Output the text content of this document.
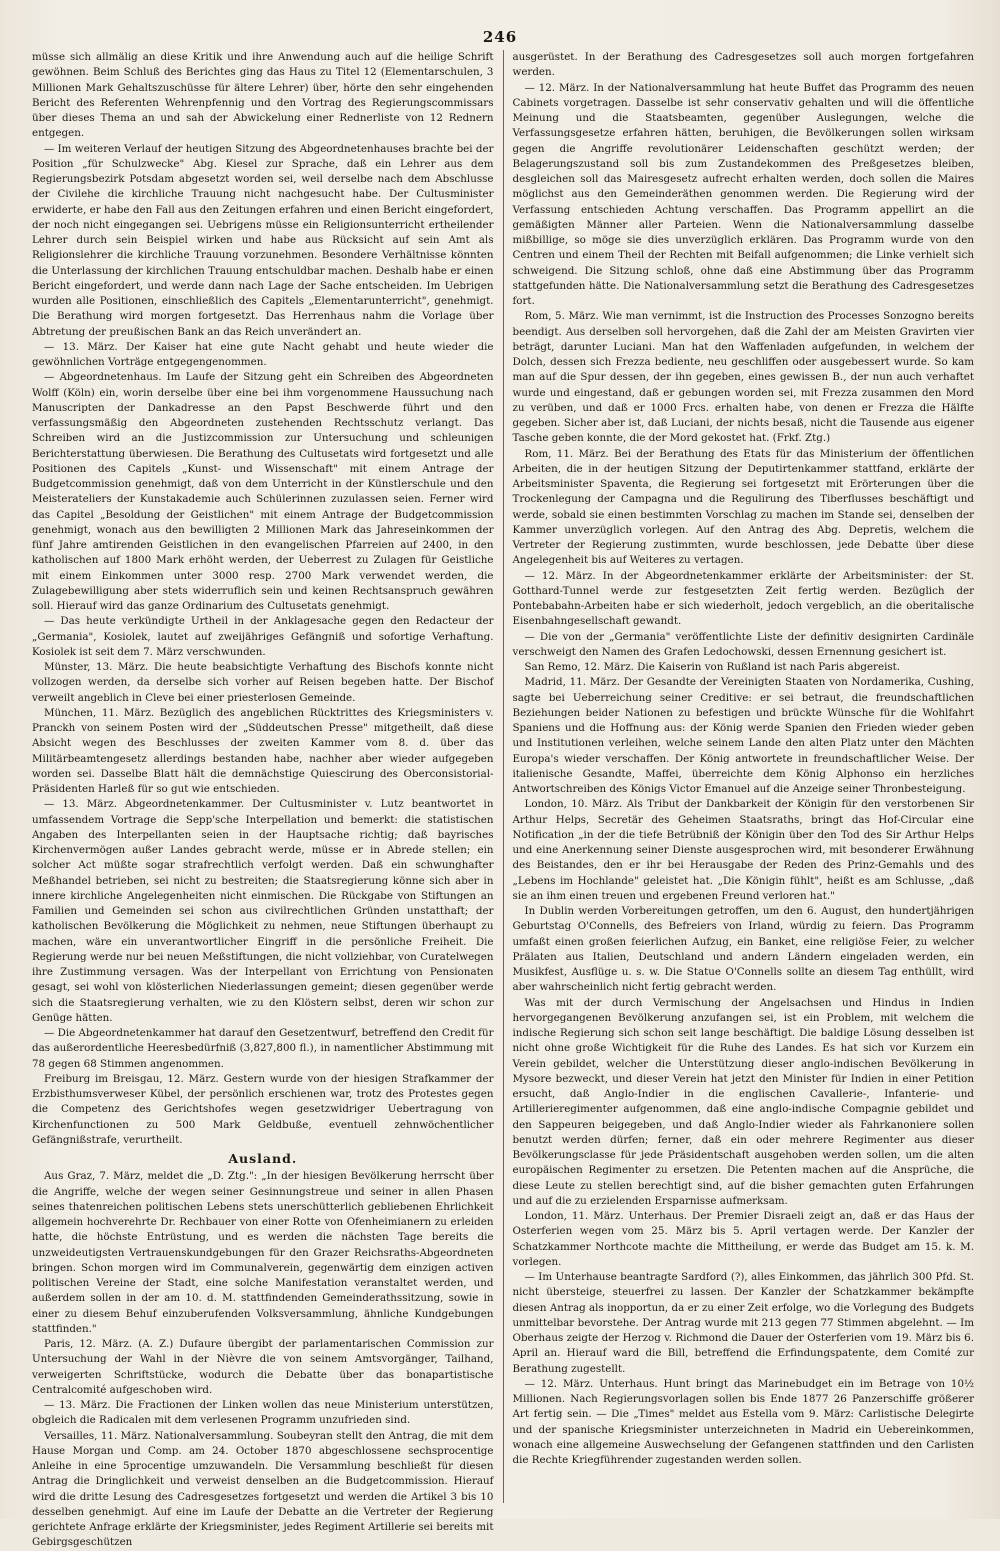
246

müsse sich allmälig an diese Kritik und ihre Anwendung auch auf die heilige Schrift gewöhnen. Beim Schluß des Berichtes ging das Haus zu Titel 12 (Elementarschulen, 3 Millionen Mark Gehaltszuschüsse für ältere Lehrer) über, hörte den sehr eingehenden Bericht des Referenten Wehrenpfennig und den Vortrag des Regierungscommissars über dieses Thema an und sah der Abwickelung einer Rednerliste von 12 Rednern entgegen.

— Im weiteren Verlauf der heutigen Sitzung des Abgeordnetenhauses brachte bei der Position „für Schulzwecke" Abg. Kiesel zur Sprache, daß ein Lehrer aus dem Regierungsbezirk Potsdam abgesetzt worden sei, weil derselbe nach dem Abschlusse der Civilehe die kirchliche Trauung nicht nachgesucht habe. Der Cultusminister erwiderte, er habe den Fall aus den Zeitungen erfahren und einen Bericht eingefordert, der noch nicht eingegangen sei. Uebrigens müsse ein Religionsunterricht ertheilender Lehrer durch sein Beispiel wirken und habe aus Rücksicht auf sein Amt als Religionslehrer die kirchliche Trauung vorzunehmen. Besondere Verhältnisse könnten die Unterlassung der kirchlichen Trauung entschuldbar machen. Deshalb habe er einen Bericht eingefordert, und werde dann nach Lage der Sache entscheiden. Im Uebrigen wurden alle Positionen, einschließlich des Capitels „Elementarunterricht", genehmigt. Die Berathung wird morgen fortgesetzt. Das Herrenhaus nahm die Vorlage über Abtretung der preußischen Bank an das Reich unverändert an.

— 13. März. Der Kaiser hat eine gute Nacht gehabt und heute wieder die gewöhnlichen Vorträge entgegengenommen.

— Abgeordnetenhaus. Im Laufe der Sitzung geht ein Schreiben des Abgeordneten Wolff (Köln) ein, worin derselbe über eine bei ihm vorgenommene Haussuchung nach Manuscripten der Dankadresse an den Papst Beschwerde führt und den verfassungsmäßig den Abgeordneten zustehenden Rechtsschutz verlangt. Das Schreiben wird an die Justizcommission zur Untersuchung und schleunigen Berichterstattung überwiesen. Die Berathung des Cultusetats wird fortgesetzt und alle Positionen des Capitels „Kunst- und Wissenschaft" mit einem Antrage der Budgetcommission genehmigt, daß von dem Unterricht in der Künstlerschule und den Meisterateliers der Kunstakademie auch Schülerinnen zuzulassen seien. Ferner wird das Capitel „Besoldung der Geistlichen" mit einem Antrage der Budgetcommission genehmigt, wonach aus den bewilligten 2 Millionen Mark das Jahreseinkommen der fünf Jahre amtirenden Geistlichen in den evangelischen Pfarreien auf 2400, in den katholischen auf 1800 Mark erhöht werden, der Ueberrest zu Zulagen für Geistliche mit einem Einkommen unter 3000 resp. 2700 Mark verwendet werden, die Zulagebewilligung aber stets widerruflich sein und keinen Rechtsanspruch gewähren soll. Hierauf wird das ganze Ordinarium des Cultusetats genehmigt.

— Das heute verkündigte Urtheil in der Anklagesache gegen den Redacteur der „Germania", Kosiolek, lautet auf zweijähriges Gefängniß und sofortige Verhaftung. Kosiolek ist seit dem 7. März verschwunden.

Münster, 13. März. Die heute beabsichtigte Verhaftung des Bischofs konnte nicht vollzogen werden, da derselbe sich vorher auf Reisen begeben hatte. Der Bischof verweilt angeblich in Cleve bei einer priesterlosen Gemeinde.

München, 11. März. Bezüglich des angeblichen Rücktrittes des Kriegsministers v. Pranckh von seinem Posten wird der „Süddeutschen Presse" mitgetheilt, daß diese Absicht wegen des Beschlusses der zweiten Kammer vom 8. d. über das Militärbeamtengesetz allerdings bestanden habe, nachher aber wieder aufgegeben worden sei. Dasselbe Blatt hält die demnächstige Quiescirung des Oberconsistorial-Präsidenten Harleß für so gut wie entschieden.

— 13. März. Abgeordnetenkammer. Der Cultusminister v. Lutz beantwortet in umfassendem Vortrage die Sepp'sche Interpellation und bemerkt: die statistischen Angaben des Interpellanten seien in der Hauptsache richtig; daß bayrisches Kirchenvermögen außer Landes gebracht werde, müsse er in Abrede stellen; ein solcher Act müßte sogar strafrechtlich verfolgt werden. Daß ein schwunghafter Meßhandel betrieben, sei nicht zu bestreiten; die Staatsregierung könne sich aber in innere kirchliche Angelegenheiten nicht einmischen. Die Rückgabe von Stiftungen an Familien und Gemeinden sei schon aus civilrechtlichen Gründen unstatthaft; der katholischen Bevölkerung die Möglichkeit zu nehmen, neue Stiftungen überhaupt zu machen, wäre ein unverantwortlicher Eingriff in die persönliche Freiheit. Die Regierung werde nur bei neuen Meßstiftungen, die nicht vollziehbar, von Curatelwegen ihre Zustimmung versagen. Was der Interpellant von Errichtung von Pensionaten gesagt, sei wohl von klösterlichen Niederlassungen gemeint; diesen gegenüber werde sich die Staatsregierung verhalten, wie zu den Klöstern selbst, deren wir schon zur Genüge hätten.

— Die Abgeordnetenkammer hat darauf den Gesetzentwurf, betreffend den Credit für das außerordentliche Heeresbedürfniß (3,827,800 fl.), in namentlicher Abstimmung mit 78 gegen 68 Stimmen angenommen.

Freiburg im Breisgau, 12. März. Gestern wurde von der hiesigen Strafkammer der Erzbisthumsverweser Kübel, der persönlich erschienen war, trotz des Protestes gegen die Competenz des Gerichtshofes wegen gesetzwidriger Uebertragung von Kirchenfunctionen zu 500 Mark Geldbuße, eventuell zehnwöchentlicher Gefängnißstrafe, verurtheilt.

Ausland.

Aus Graz, 7. März, meldet die „D. Ztg.": „In der hiesigen Bevölkerung herrscht über die Angriffe, welche der wegen seiner Gesinnungstreue und seiner in allen Phasen seines thatenreichen politischen Lebens stets unerschütterlich gebliebenen Ehrlichkeit allgemein hochverehrte Dr. Rechbauer von einer Rotte von Ofenheimianern zu erleiden hatte, die höchste Entrüstung, und es werden die nächsten Tage bereits die unzweideutigsten Vertrauenskundgebungen für den Grazer Reichsraths-Abgeordneten bringen. Schon morgen wird im Communalverein, gegenwärtig dem einzigen activen politischen Vereine der Stadt, eine solche Manifestation veranstaltet werden, und außerdem sollen in der am 10. d. M. stattfindenden Gemeinderathssitzung, sowie in einer zu diesem Behuf einzuberufenden Volksversammlung, ähnliche Kundgebungen stattfinden."

Paris, 12. März. (A. Z.) Dufaure übergibt der parlamentarischen Commission zur Untersuchung der Wahl in der Nièvre die von seinem Amtsvorgänger, Tailhand, verweigerten Schriftstücke, wodurch die Debatte über das bonapartistische Centralcomité aufgeschoben wird.

— 13. März. Die Fractionen der Linken wollen das neue Ministerium unterstützen, obgleich die Radicalen mit dem verlesenen Programm unzufrieden sind.

Versailles, 11. März. Nationalversammlung. Soubeyran stellt den Antrag, die mit dem Hause Morgan und Comp. am 24. October 1870 abgeschlossene sechsprocentige Anleihe in eine 5procentige umzuwandeln. Die Versammlung beschließt für diesen Antrag die Dringlichkeit und verweist denselben an die Budgetcommission. Hierauf wird die dritte Lesung des Cadresgesetzes fortgesetzt und werden die Artikel 3 bis 10 desselben genehmigt. Auf eine im Laufe der Debatte an die Vertreter der Regierung gerichtete Anfrage erklärte der Kriegsminister, jedes Regiment Artillerie sei bereits mit Gebirgsgeschützen

ausgerüstet. In der Berathung des Cadresgesetzes soll auch morgen fortgefahren werden.

— 12. März. In der Nationalversammlung hat heute Buffet das Programm des neuen Cabinets vorgetragen. Dasselbe ist sehr conservativ gehalten und will die öffentliche Meinung und die Staatsbeamten, gegenüber Auslegungen, welche die Verfassungsgesetze erfahren hätten, beruhigen, die Bevölkerungen sollen wirksam gegen die Angriffe revolutionärer Leidenschaften geschützt werden; der Belagerungszustand soll bis zum Zustandekommen des Preßgesetzes bleiben, desgleichen soll das Mairesgesetz aufrecht erhalten werden, doch sollen die Maires möglichst aus den Gemeinderäthen genommen werden. Die Regierung wird der Verfassung entschieden Achtung verschaffen. Das Programm appellirt an die gemäßigten Männer aller Parteien. Wenn die Nationalversammlung dasselbe mißbillige, so möge sie dies unverzüglich erklären. Das Programm wurde von den Centren und einem Theil der Rechten mit Beifall aufgenommen; die Linke verhielt sich schweigend. Die Sitzung schloß, ohne daß eine Abstimmung über das Programm stattgefunden hätte. Die Nationalversammlung setzt die Berathung des Cadresgesetzes fort.

Rom, 5. März. Wie man vernimmt, ist die Instruction des Processes Sonzogno bereits beendigt. Aus derselben soll hervorgehen, daß die Zahl der am Meisten Gravirten vier beträgt, darunter Luciani. Man hat den Waffenladen aufgefunden, in welchem der Dolch, dessen sich Frezza bediente, neu geschliffen oder ausgebessert wurde. So kam man auf die Spur dessen, der ihn gegeben, eines gewissen B., der nun auch verhaftet wurde und eingestand, daß er gebungen worden sei, mit Frezza zusammen den Mord zu verüben, und daß er 1000 Frcs. erhalten habe, von denen er Frezza die Hälfte gegeben. Sicher aber ist, daß Luciani, der nichts besaß, nicht die Tausende aus eigener Tasche geben konnte, die der Mord gekostet hat. (Frkf. Ztg.)

Rom, 11. März. Bei der Berathung des Etats für das Ministerium der öffentlichen Arbeiten, die in der heutigen Sitzung der Deputirtenkammer stattfand, erklärte der Arbeitsminister Spaventa, die Regierung sei fortgesetzt mit Erörterungen über die Trockenlegung der Campagna und die Regulirung des Tiberflusses beschäftigt und werde, sobald sie einen bestimmten Vorschlag zu machen im Stande sei, denselben der Kammer unverzüglich vorlegen. Auf den Antrag des Abg. Depretis, welchem die Vertreter der Regierung zustimmten, wurde beschlossen, jede Debatte über diese Angelegenheit bis auf Weiteres zu vertagen.

— 12. März. In der Abgeordnetenkammer erklärte der Arbeitsminister: der St. Gotthard-Tunnel werde zur festgesetzten Zeit fertig werden. Bezüglich der Pontebabahn-Arbeiten habe er sich wiederholt, jedoch vergeblich, an die oberitalische Eisenbahngesellschaft gewandt.

— Die von der „Germania" veröffentlichte Liste der definitiv designirten Cardinäle verschweigt den Namen des Grafen Ledochowski, dessen Ernennung gesichert ist.

San Remo, 12. März. Die Kaiserin von Rußland ist nach Paris abgereist.

Madrid, 11. März. Der Gesandte der Vereinigten Staaten von Nordamerika, Cushing, sagte bei Ueberreichung seiner Creditive: er sei betraut, die freundschaftlichen Beziehungen beider Nationen zu befestigen und brückte Wünsche für die Wohlfahrt Spaniens und die Hoffnung aus: der König werde Spanien den Frieden wieder geben und Institutionen verleihen, welche seinem Lande den alten Platz unter den Mächten Europa's wieder verschaffen. Der König antwortete in freundschaftlicher Weise. Der italienische Gesandte, Maffei, überreichte dem König Alphonso ein herzliches Antwortschreiben des Königs Victor Emanuel auf die Anzeige seiner Thronbesteigung.

London, 10. März. Als Tribut der Dankbarkeit der Königin für den verstorbenen Sir Arthur Helps, Secretär des Geheimen Staatsraths, bringt das Hof-Circular eine Notification „in der die tiefe Betrübniß der Königin über den Tod des Sir Arthur Helps und eine Anerkennung seiner Dienste ausgesprochen wird, mit besonderer Erwähnung des Beistandes, den er ihr bei Herausgabe der Reden des Prinz-Gemahls und des „Lebens im Hochlande" geleistet hat. „Die Königin fühlt", heißt es am Schlusse, „daß sie an ihm einen treuen und ergebenen Freund verloren hat."

In Dublin werden Vorbereitungen getroffen, um den 6. August, den hundertjährigen Geburtstag O'Connells, des Befreiers von Irland, würdig zu feiern. Das Programm umfaßt einen großen feierlichen Aufzug, ein Banket, eine religiöse Feier, zu welcher Prälaten aus Italien, Deutschland und andern Ländern eingeladen werden, ein Musikfest, Ausflüge u. s. w. Die Statue O'Connells sollte an diesem Tag enthüllt, wird aber wahrscheinlich nicht fertig gebracht werden.

Was mit der durch Vermischung der Angelsachsen und Hindus in Indien hervorgegangenen Bevölkerung anzufangen sei, ist ein Problem, mit welchem die indische Regierung sich schon seit lange beschäftigt. Die baldige Lösung desselben ist nicht ohne große Wichtigkeit für die Ruhe des Landes. Es hat sich vor Kurzem ein Verein gebildet, welcher die Unterstützung dieser anglo-indischen Bevölkerung in Mysore bezweckt, und dieser Verein hat jetzt den Minister für Indien in einer Petition ersucht, daß Anglo-Indier in die englischen Cavallerie-, Infanterie- und Artillerieregimenter aufgenommen, daß eine anglo-indische Compagnie gebildet und den Sappeuren beigegeben, und daß Anglo-Indier wieder als Fahrkanoniere sollen benutzt werden dürfen; ferner, daß ein oder mehrere Regimenter aus dieser Bevölkerungsclasse für jede Präsidentschaft ausgehoben werden sollen, um die alten europäischen Regimenter zu ersetzen. Die Petenten machen auf die Ansprüche, die diese Leute zu stellen berechtigt sind, auf die bisher gemachten guten Erfahrungen und auf die zu erzielenden Ersparnisse aufmerksam.

London, 11. März. Unterhaus. Der Premier Disraeli zeigt an, daß er das Haus der Osterferien wegen vom 25. März bis 5. April vertagen werde. Der Kanzler der Schatzkammer Northcote machte die Mittheilung, er werde das Budget am 15. k. M. vorlegen.

— Im Unterhause beantragte Sardford (?), alles Einkommen, das jährlich 300 Pfd. St. nicht übersteige, steuerfrei zu lassen. Der Kanzler der Schatzkammer bekämpfte diesen Antrag als inopportun, da er zu einer Zeit erfolge, wo die Vorlegung des Budgets unmittelbar bevorstehe. Der Antrag wurde mit 213 gegen 77 Stimmen abgelehnt. — Im Oberhaus zeigte der Herzog v. Richmond die Dauer der Osterferien vom 19. März bis 6. April an. Hierauf ward die Bill, betreffend die Erfindungspatente, dem Comité zur Berathung zugestellt.

— 12. März. Unterhaus. Hunt bringt das Marinebudget ein im Betrage von 10½ Millionen. Nach Regierungsvorlagen sollen bis Ende 1877 26 Panzerschiffe größerer Art fertig sein. — Die „Times" meldet aus Estella vom 9. März: Carlistische Delegirte und der spanische Kriegsminister unterzeichneten in Madrid ein Uebereinkommen, wonach eine allgemeine Auswechselung der Gefangenen stattfinden und den Carlisten die Rechte Kriegführender zugestanden werden sollen.
